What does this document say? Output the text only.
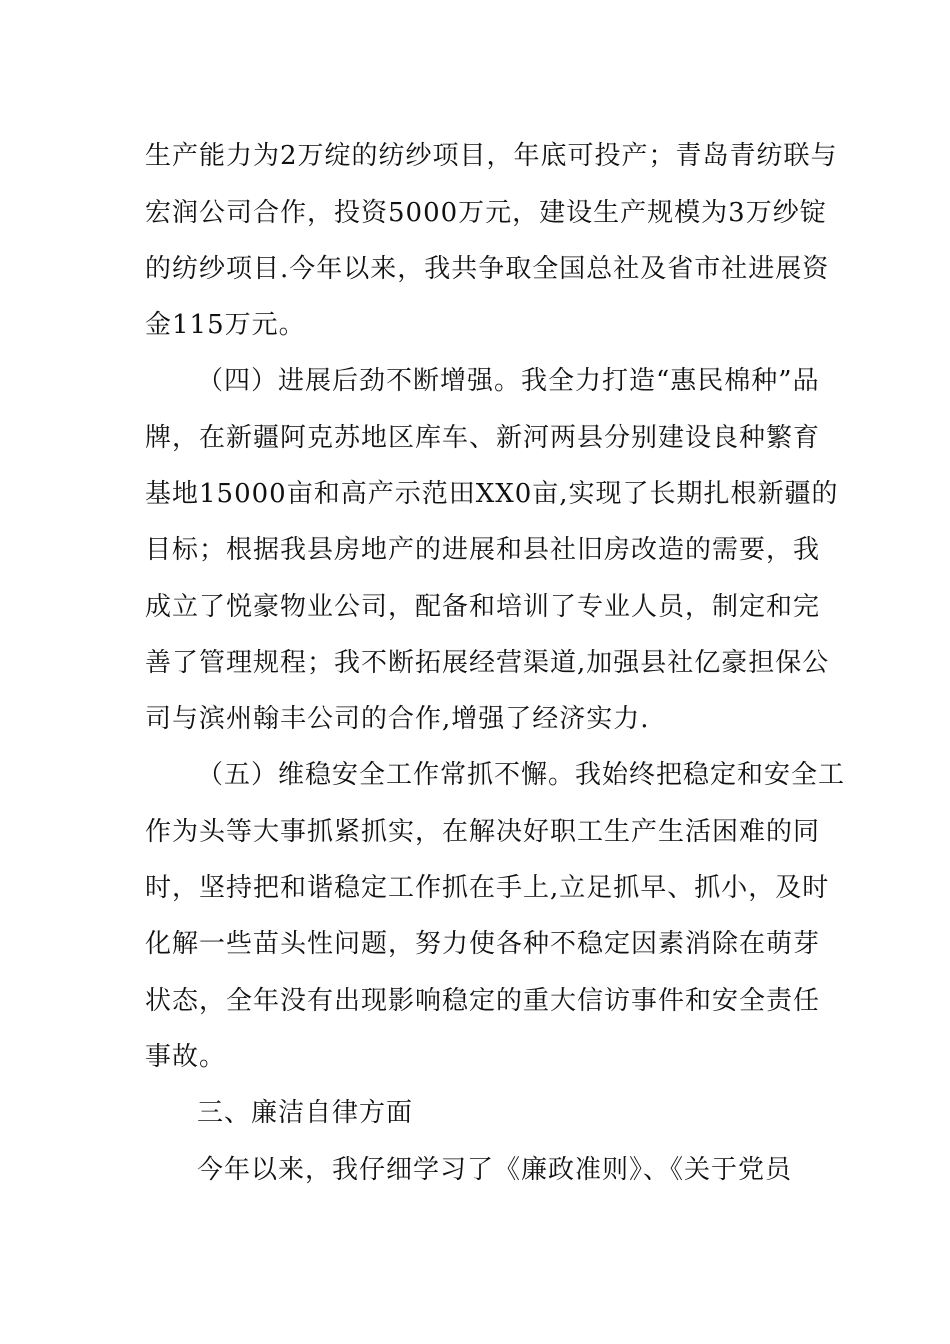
生产能力为2万绽的纺纱项目，年底可投产；青岛青纺联与
宏润公司合作，投资5000万元，建设生产规模为3万纱锭
的纺纱项目.今年以来，我共争取全国总社及省市社进展资
金115万元。
（四）进展后劲不断增强。我全力打造“惠民棉种”品
牌，在新疆阿克苏地区库车、新河两县分别建设良种繁育
基地15000亩和高产示范田XX0亩,实现了长期扎根新疆的
目标；根据我县房地产的进展和县社旧房改造的需要，我
成立了悦豪物业公司，配备和培训了专业人员，制定和完
善了管理规程；我不断拓展经营渠道,加强县社亿豪担保公
司与滨州翰丰公司的合作,增强了经济实力.
（五）维稳安全工作常抓不懈。我始终把稳定和安全工
作为头等大事抓紧抓实，在解决好职工生产生活困难的同
时，坚持把和谐稳定工作抓在手上,立足抓早、抓小，及时
化解一些苗头性问题，努力使各种不稳定因素消除在萌芽
状态，全年没有出现影响稳定的重大信访事件和安全责任
事故。
三、廉洁自律方面
今年以来，我仔细学习了《廉政准则》、《关于党员
